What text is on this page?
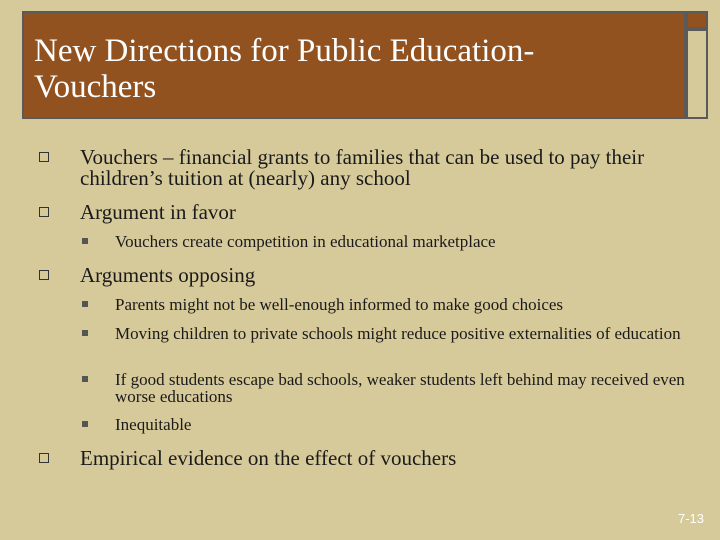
New Directions for Public Education-
Vouchers
Vouchers – financial grants to families that can be used to pay their children’s tuition at (nearly) any school
Argument in favor
Vouchers create competition in educational marketplace
Arguments opposing
Parents might not be well-enough informed to make good choices
Moving children to private schools might reduce positive externalities of education
If good students escape bad schools, weaker students left behind may received even worse educations
Inequitable
Empirical evidence on the effect of vouchers
7-13
